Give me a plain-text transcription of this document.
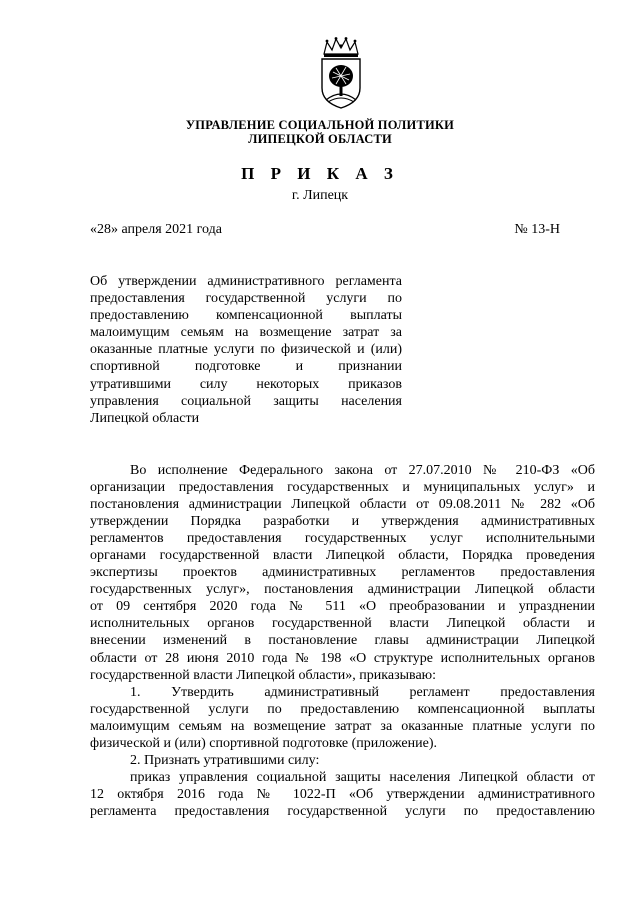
УПРАВЛЕНИЕ СОЦИАЛЬНОЙ ПОЛИТИКИ
ЛИПЕЦКОЙ ОБЛАСТИ
П Р И К А З
г. Липецк
«28» апреля 2021 года	№ 13-Н
Об утверждении административного регламента
предоставления государственной услуги по
предоставлению компенсационной выплаты
малоимущим семьям на возмещение затрат за
оказанные платные услуги по физической и (или)
спортивной подготовке и признании
утратившими силу некоторых приказов
управления социальной защиты населения
Липецкой области
Во исполнение Федерального закона от 27.07.2010 № 210-ФЗ «Об
организации предоставления государственных и муниципальных услуг» и
постановления администрации Липецкой области от 09.08.2011 № 282 «Об
утверждении Порядка разработки и утверждения административных
регламентов предоставления государственных услуг исполнительными
органами государственной власти Липецкой области, Порядка проведения
экспертизы проектов административных регламентов предоставления
государственных услуг», постановления администрации Липецкой области
от 09 сентября 2020 года № 511 «О преобразовании и упразднении
исполнительных органов государственной власти Липецкой области и
внесении изменений в постановление главы администрации Липецкой
области от 28 июня 2010 года № 198 «О структуре исполнительных органов
государственной власти Липецкой области», приказываю:
1. Утвердить административный регламент предоставления
государственной услуги по предоставлению компенсационной выплаты
малоимущим семьям на возмещение затрат за оказанные платные услуги по
физической и (или) спортивной подготовке (приложение).
2. Признать утратившими силу:
приказ управления социальной защиты населения Липецкой области от
12 октября 2016 года № 1022-П «Об утверждении административного
регламента предоставления государственной услуги по предоставлению
